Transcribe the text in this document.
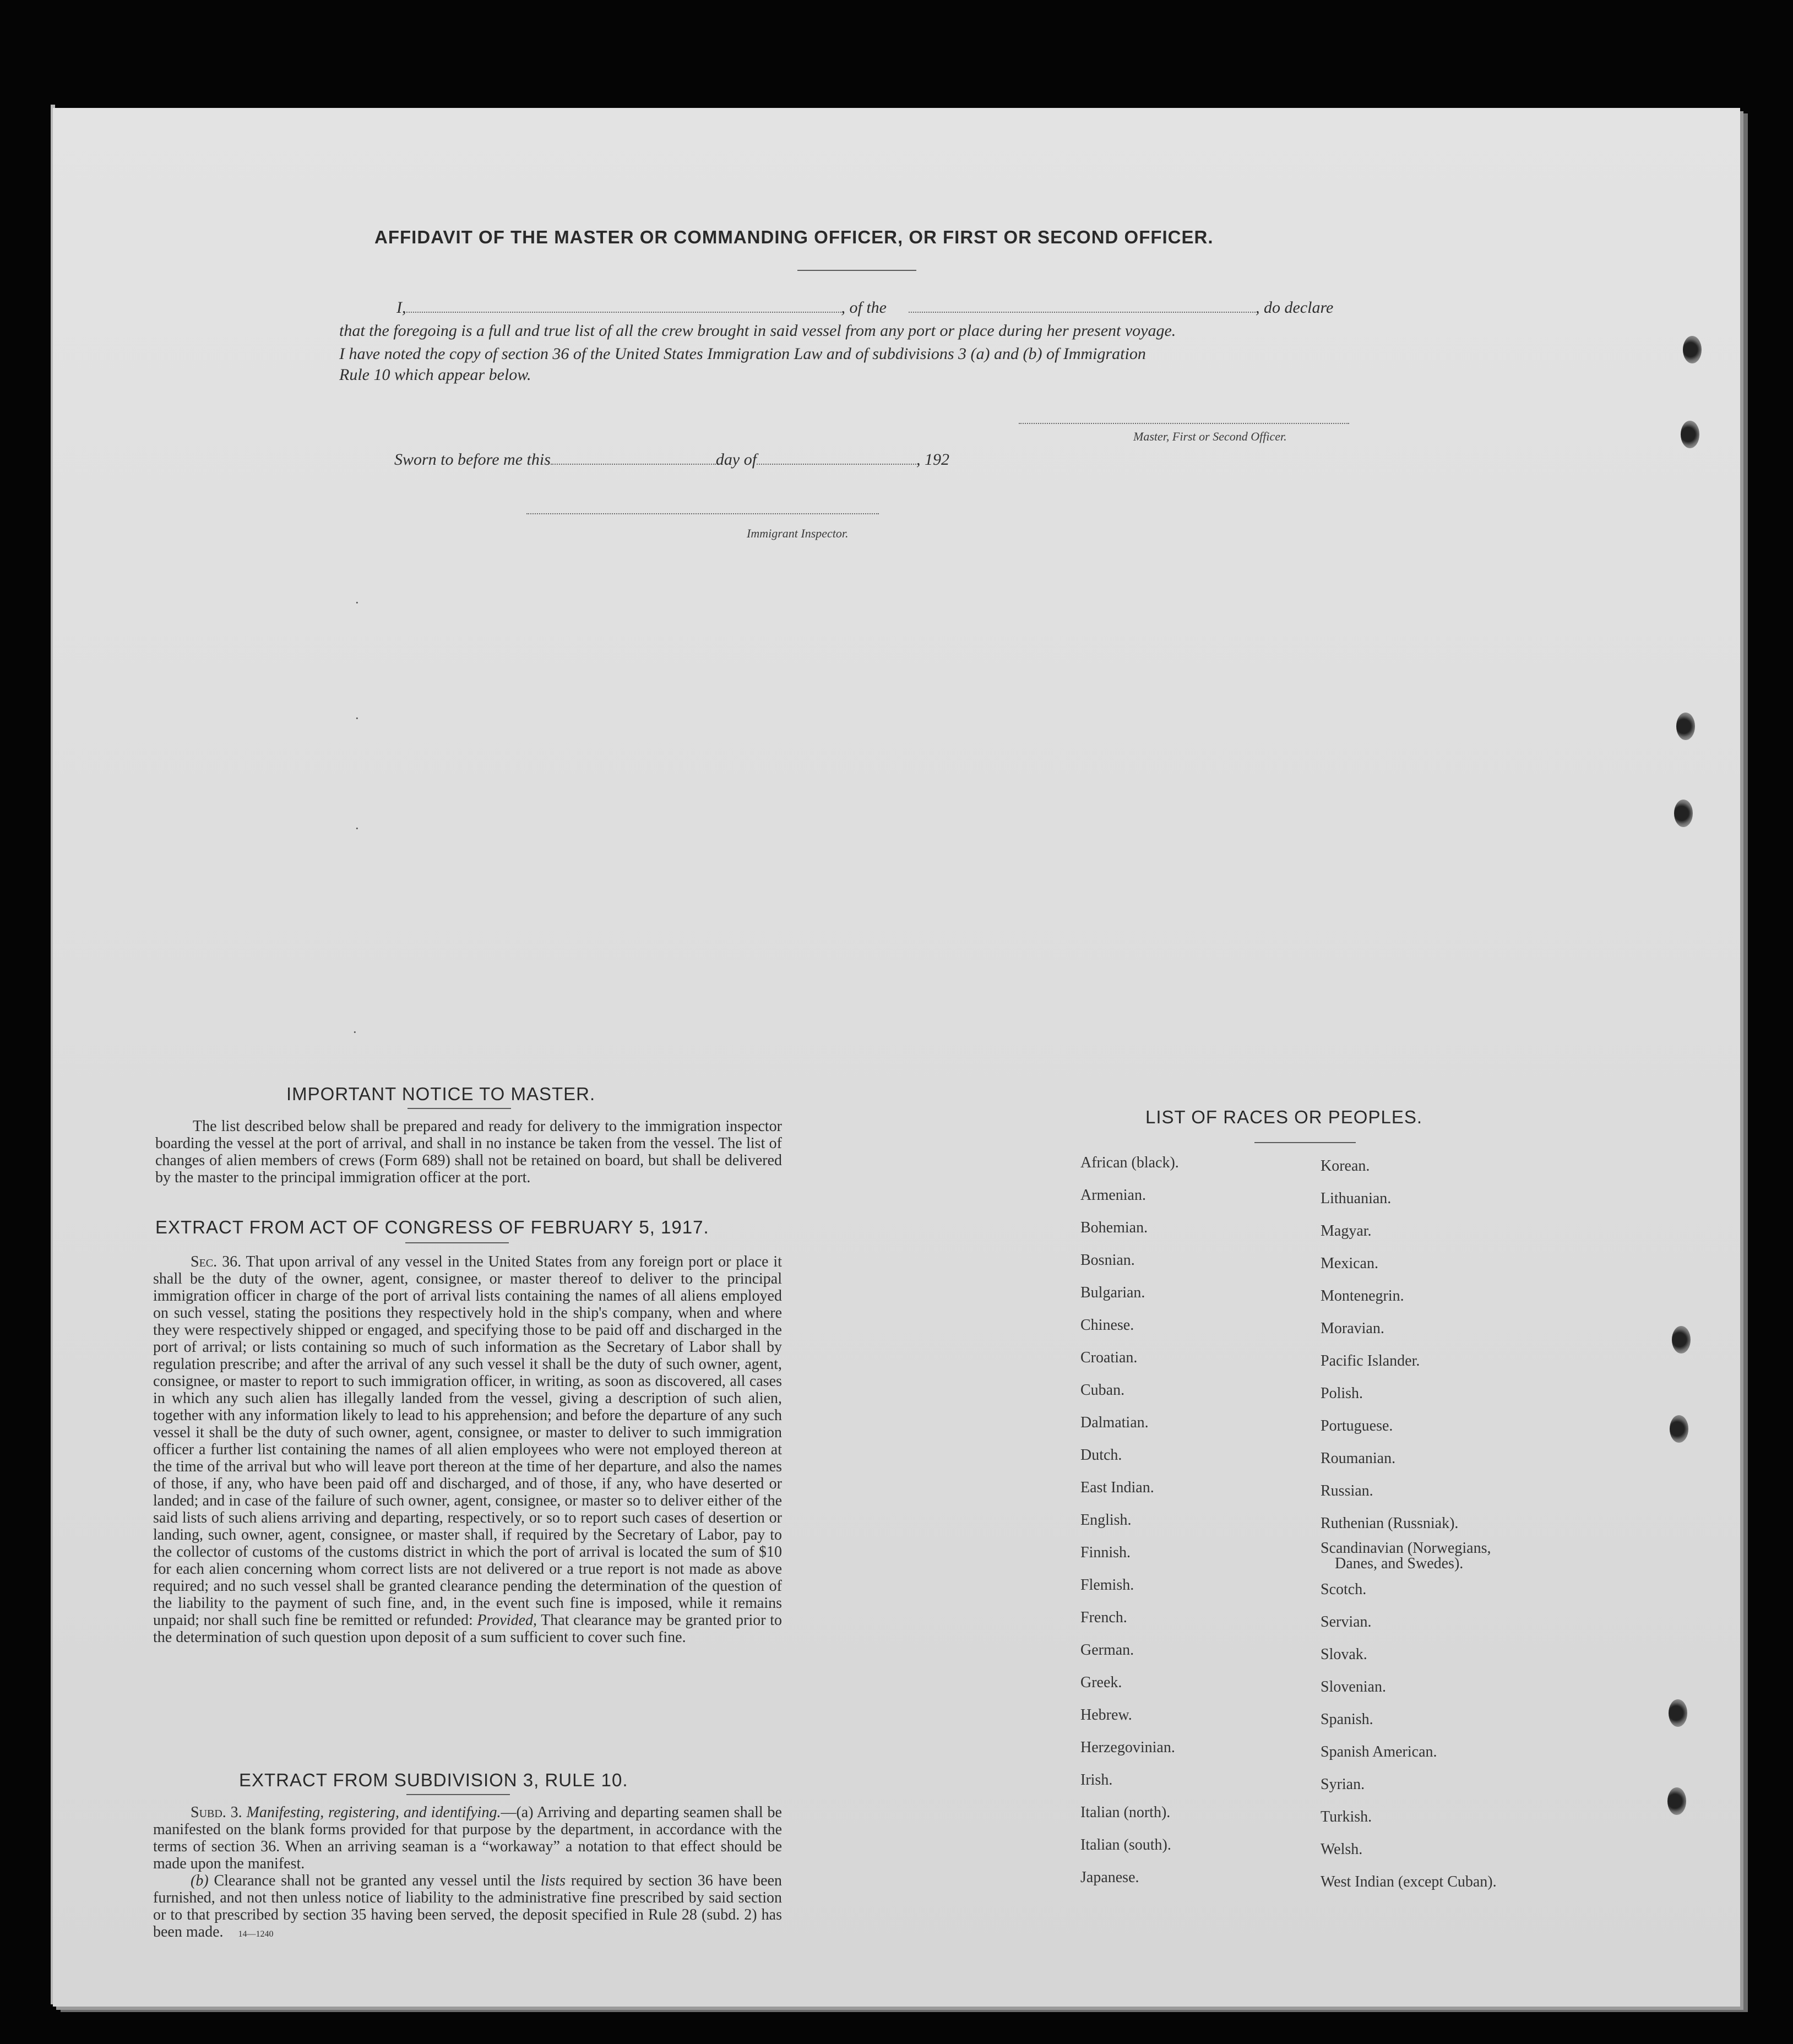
AFFIDAVIT OF THE MASTER OR COMMANDING OFFICER, OR FIRST OR SECOND OFFICER.
I,	, of the	, do declare
that the foregoing is a full and true list of all the crew brought in said vessel from any port or place during her present voyage.
I have noted the copy of section 36 of the United States Immigration Law and of subdivisions 3 (a) and (b) of Immigration
Rule 10 which appear below.
Master, First or Second Officer.
Sworn to before me this	day of	, 192
Immigrant Inspector.
·
·
·
·
IMPORTANT NOTICE TO MASTER.

The list described below shall be prepared and ready for delivery to the immigration inspector boarding the vessel at the port of arrival, and shall in no instance be taken from the vessel. The list of changes of alien members of crews (Form 689) shall not be retained on board, but shall be delivered by the master to the principal immigration officer at the port.

EXTRACT FROM ACT OF CONGRESS OF FEBRUARY 5, 1917.

Sec. 36. That upon arrival of any vessel in the United States from any foreign port or place it shall be the duty of the owner, agent, consignee, or master thereof to deliver to the principal immigration officer in charge of the port of arrival lists containing the names of all aliens employed on such vessel, stating the positions they respectively hold in the ship's company, when and where they were respectively shipped or engaged, and specifying those to be paid off and discharged in the port of arrival; or lists containing so much of such information as the Secretary of Labor shall by regulation prescribe; and after the arrival of any such vessel it shall be the duty of such owner, agent, consignee, or master to report to such immigration officer, in writing, as soon as discovered, all cases in which any such alien has illegally landed from the vessel, giving a description of such alien, together with any information likely to lead to his apprehension; and before the departure of any such vessel it shall be the duty of such owner, agent, consignee, or master to deliver to such immigration officer a further list containing the names of all alien employees who were not employed thereon at the time of the arrival but who will leave port thereon at the time of her departure, and also the names of those, if any, who have been paid off and discharged, and of those, if any, who have deserted or landed; and in case of the failure of such owner, agent, consignee, or master so to deliver either of the said lists of such aliens arriving and departing, respectively, or so to report such cases of desertion or landing, such owner, agent, consignee, or master shall, if required by the Secretary of Labor, pay to the collector of customs of the customs district in which the port of arrival is located the sum of $10 for each alien concerning whom correct lists are not delivered or a true report is not made as above required; and no such vessel shall be granted clearance pending the determination of the question of the liability to the payment of such fine, and, in the event such fine is imposed, while it remains unpaid; nor shall such fine be remitted or refunded: Provided, That clearance may be granted prior to the determination of such question upon deposit of a sum sufficient to cover such fine.

EXTRACT FROM SUBDIVISION 3, RULE 10.

Subd. 3. Manifesting, registering, and identifying.—(a) Arriving and departing seamen shall be manifested on the blank forms provided for that purpose by the department, in accordance with the terms of section 36. When an arriving seaman is a “workaway” a notation to that effect should be made upon the manifest.

(b) Clearance shall not be granted any vessel until the lists required by section 36 have been furnished, and not then unless notice of liability to the administrative fine prescribed by said section or to that prescribed by section 35 having been served, the deposit specified in Rule 28 (subd. 2) has been made. 14—1240

LIST OF RACES OR PEOPLES.
African (black).
Armenian.
Bohemian.
Bosnian.
Bulgarian.
Chinese.
Croatian.
Cuban.
Dalmatian.
Dutch.
East Indian.
English.
Finnish.
Flemish.
French.
German.
Greek.
Hebrew.
Herzegovinian.
Irish.
Italian (north).
Italian (south).
Japanese.
Korean.
Lithuanian.
Magyar.
Mexican.
Montenegrin.
Moravian.
Pacific Islander.
Polish.
Portuguese.
Roumanian.
Russian.
Ruthenian (Russniak).
Scandinavian (Norwegians,
Danes, and Swedes).
Scotch.
Servian.
Slovak.
Slovenian.
Spanish.
Spanish American.
Syrian.
Turkish.
Welsh.
West Indian (except Cuban).
